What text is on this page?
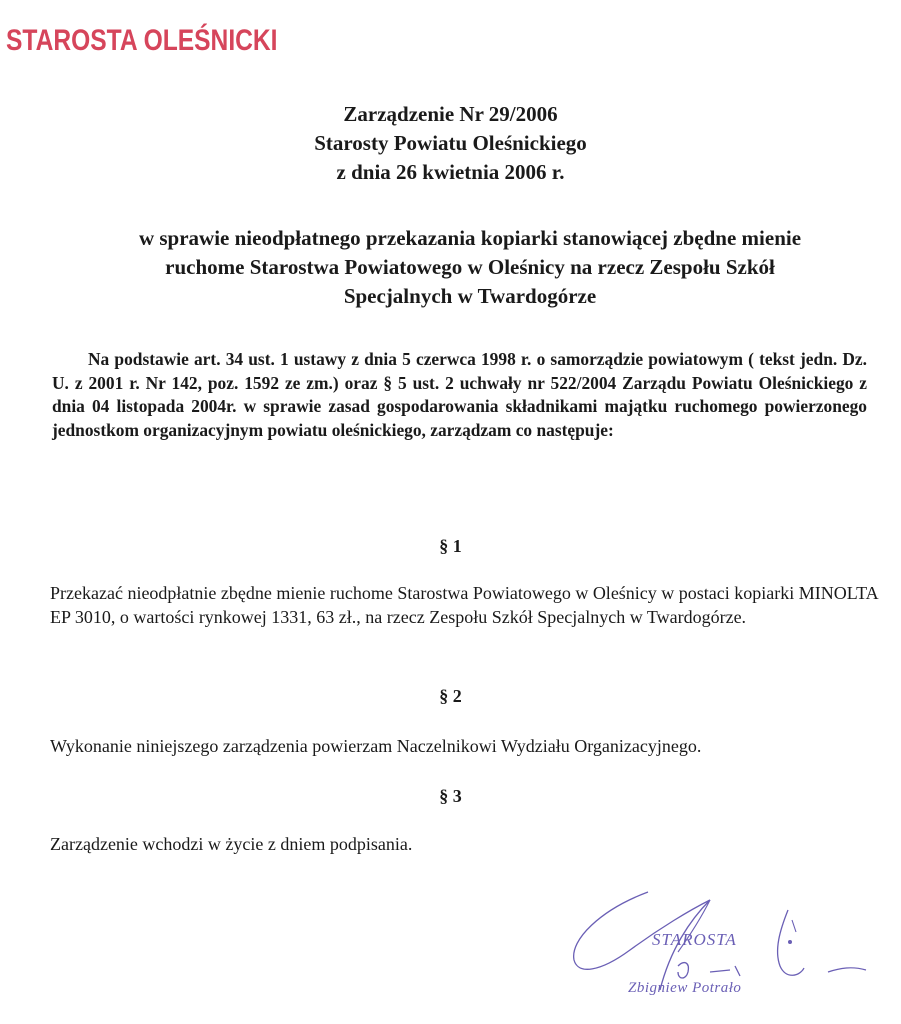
STAROSTA OLEŚNICKI
Zarządzenie Nr 29/2006
Starosty Powiatu Oleśnickiego
z dnia 26 kwietnia 2006 r.
w sprawie nieodpłatnego przekazania kopiarki stanowiącej zbędne mienie
ruchome Starostwa Powiatowego w Oleśnicy na rzecz Zespołu Szkół
Specjalnych w Twardogórze
Na podstawie art. 34 ust. 1 ustawy z dnia 5 czerwca 1998 r. o samorządzie powiatowym ( tekst jedn. Dz. U. z 2001 r. Nr 142, poz. 1592 ze zm.) oraz § 5 ust. 2 uchwały nr 522/2004 Zarządu Powiatu Oleśnickiego z dnia 04 listopada 2004r. w sprawie zasad gospodarowania składnikami majątku ruchomego powierzonego jednostkom organizacyjnym powiatu oleśnickiego, zarządzam co następuje:
§ 1
Przekazać nieodpłatnie zbędne mienie ruchome Starostwa Powiatowego w Oleśnicy w postaci kopiarki MINOLTA EP 3010, o wartości rynkowej 1331, 63 zł., na rzecz Zespołu Szkół Specjalnych w Twardogórze.
§ 2
Wykonanie niniejszego zarządzenia powierzam Naczelnikowi Wydziału Organizacyjnego.
§ 3
Zarządzenie wchodzi w życie z dniem podpisania.
STAROSTA
Zbigniew Potrało
